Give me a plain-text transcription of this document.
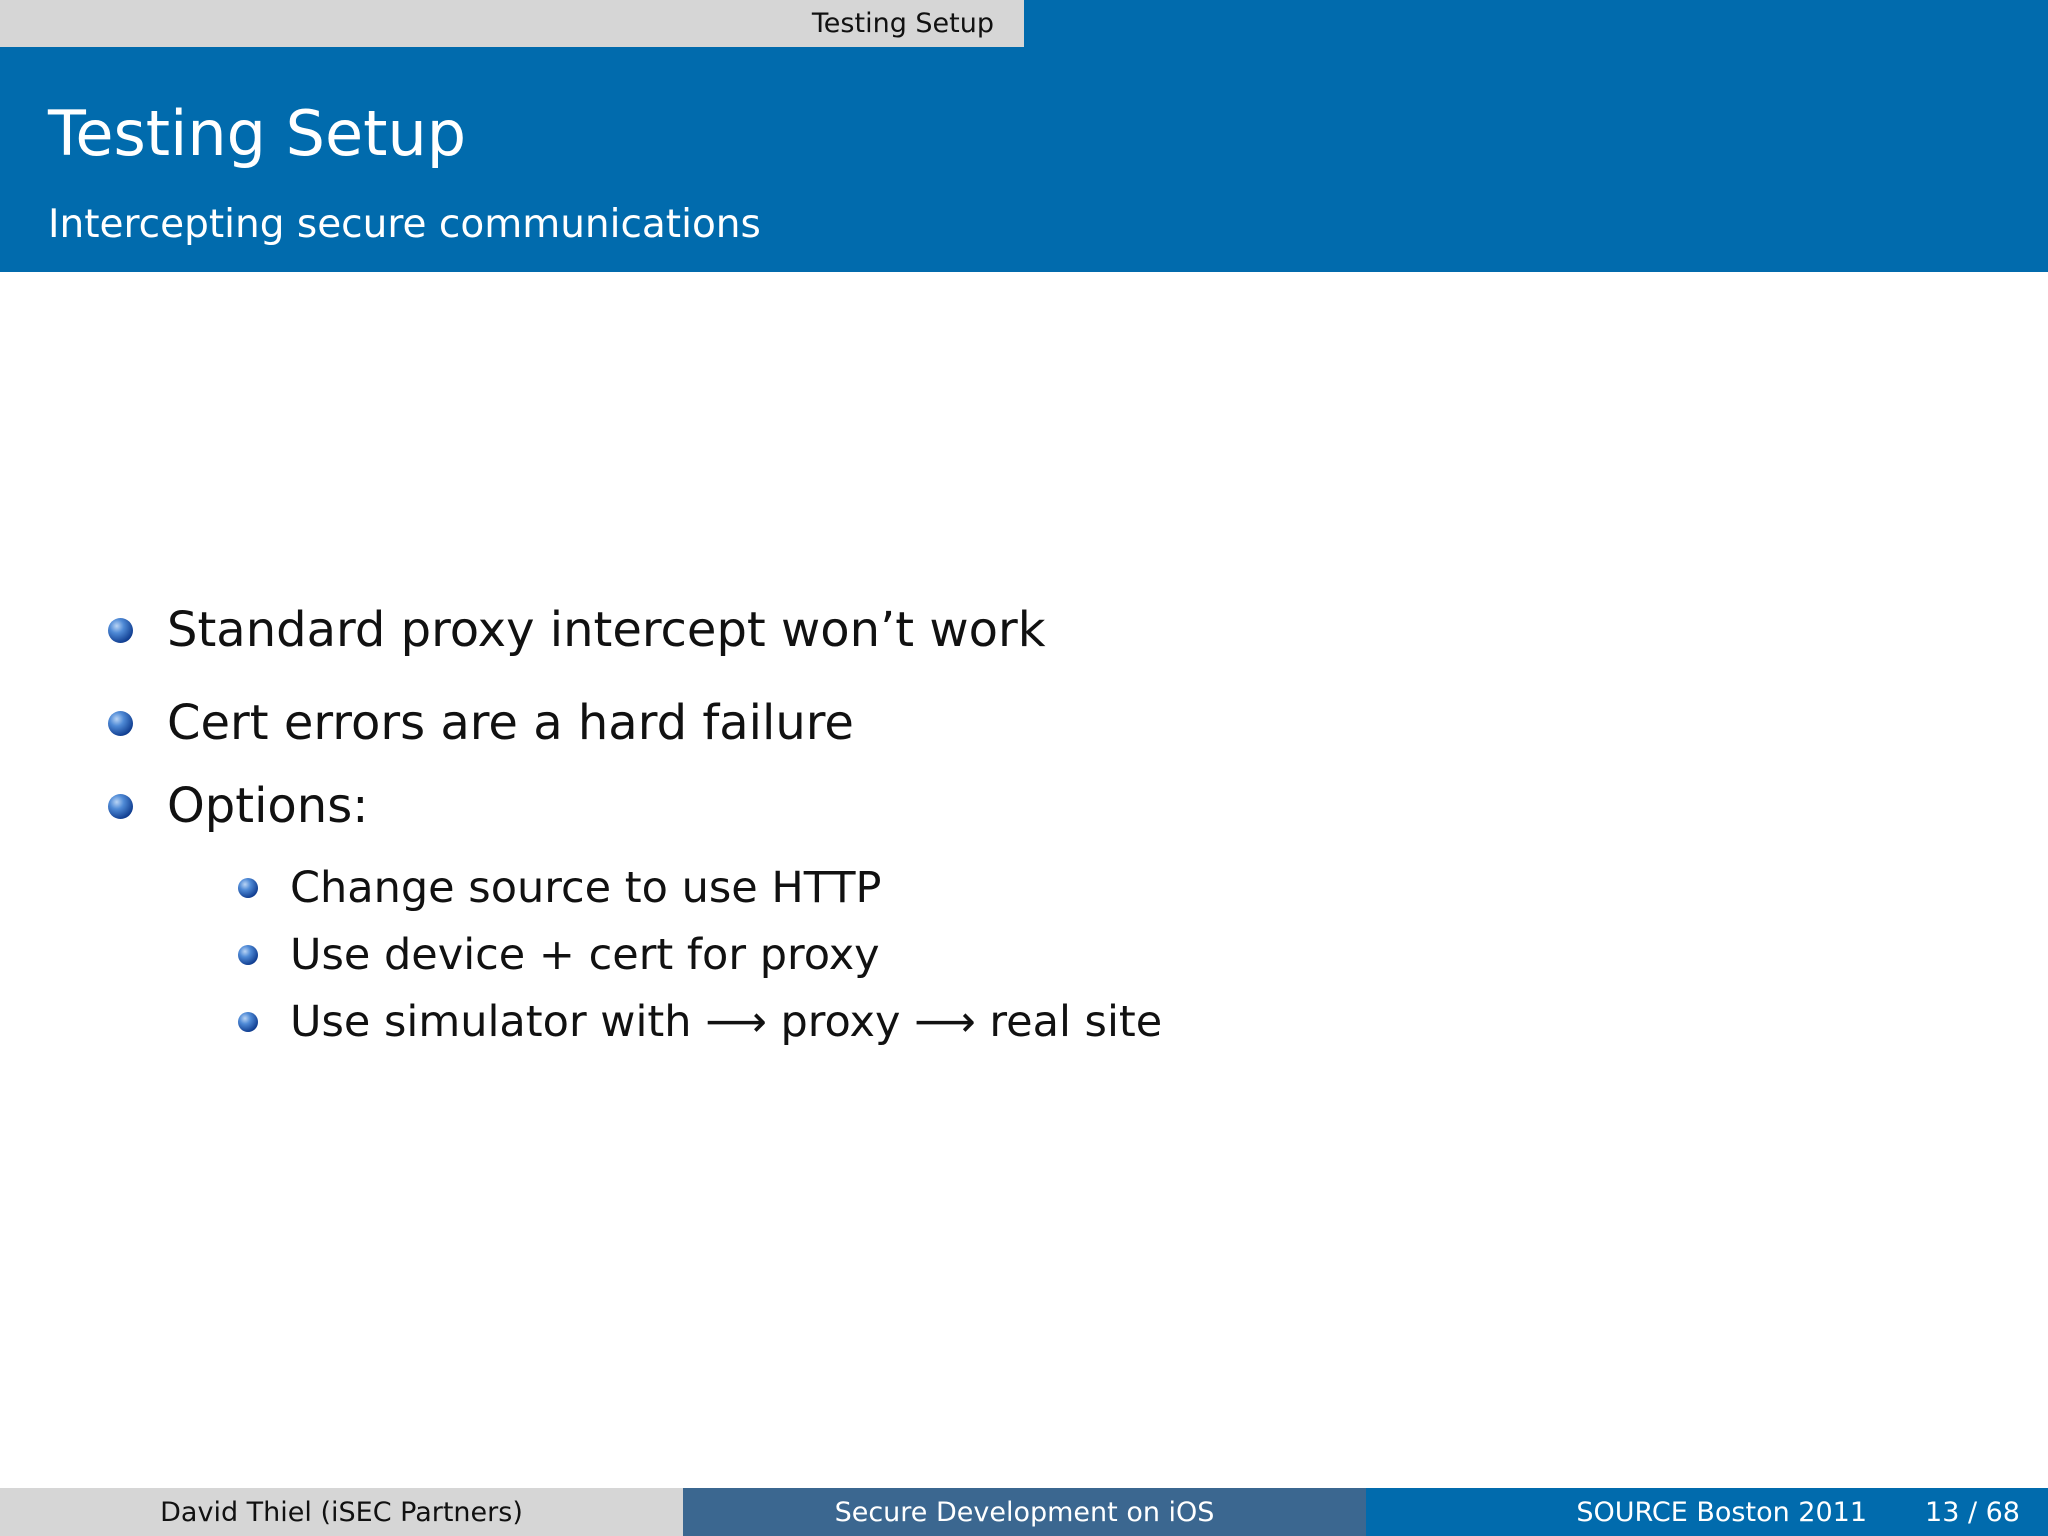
Testing Setup
Testing Setup
Intercepting secure communications
Standard proxy intercept won’t work
Cert errors are a hard failure
Options:
Change source to use HTTP
Use device + cert for proxy
Use simulator with ⟶ proxy ⟶ real site
David Thiel (iSEC Partners)	Secure Development on iOS	SOURCE Boston 2011 13 / 68
